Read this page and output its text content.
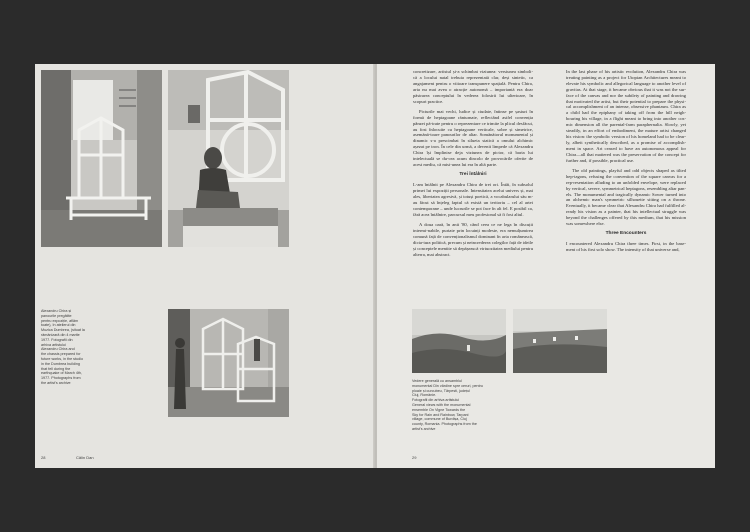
Alexandru Chira și
panourile pregătite
pentru expoziție, aflăm
toate), în atelierul din
Muzica Dumbrea, (situat la
râmânizară din 4 martie
1977. Fotografii din
arhiva artistului
Alexandru Chira and
the chassis prepared for
future works, in the studio
in the Dumbrea building
that fell during the
earthquake of March 4th,
1977. Photographs from
the artist's archive
28	Călin Dan

concretizare, artistul și-a schimbat viziunea: versiunea simboli-că a locului natal trebuia reprezentată clar, deși sintetic, ca angajament pentru o viitoare transpunere spațială. Pentru Chira, arta nu mai avea o atracție autonomă – importantă era doar păstrarea conceptului în vederea folosirii lui ulterioare, în scopuri practice.

Picturile mai vechi, ludice și ciudate, întinse pe șasiuri în formă de heptagoane rănturnate, reflectând astfel convenția pânzei pă-trate pentru o reprezentare ce trimite la plicul desfăcut, au fost înlocuite cu heptagoane verticale, sobre și simetrice, asemănă-toare panourilor de altar. Somănătorul monumental și dinamic s-a prescimbat în silueta statică a omului alchimic așezat pe tron. În cele din urmă, a devenit limpede că Alexandru Chira își împlinise deja viziunea de pictor, că baria lui intelectuală se du-cea acum dincolo de provocările oferite de acest mediu, că misi-unea lui era în altă parte.

Trei întâlniri

L-am întâlnit pe Alexandru Chira de trei ori. Întâi, în subsolul primei lui expoziții personale. Intensitatea acelui univers și, mai ales, libertatea agresivă, și totuși poetică, a vocabularului său m-au făcut să înțeleg faptul că există un teritoriu – cel al artei contemporane – unde lucrurile se pot face în alt fel. E posibil ca, fără acea întâlnire, parcursul meu profesional să fi fost altul.

A doua oară, în anii '80, când ceea ce ne lega în discuții intermi-nabile, purtate prin locuinți modeste, era nemulțumirea comună față de convenționalismul dominant în arta românească, dicta-tura politică, precum și neincrederea colegilor față de ideile și conceptele mentite să depășească virtuozitatea mediului pentru alterra, mai abstract.

In the last phase of his artistic evolution, Alexandru Chira was treating painting as a project for Utopian Architectures meant to elevate his symbolic and allegorical language to another level of gravitas. At that stage, it became obvious that it was not the sur-face of the canvas and nor the subtlety of painting and drawing that motivated the artist, but their potential to prepare the physi-cal accomplishment of an intense, obsessive phantasm. Chira as a child had the epiphany of taking off from the hill neigh-bouring his village, in a flight meant to bring into another cos-mic dimension all the parental-farm paraphernalia. Slowly, yet steadily, in an effort of embodiment, the mature artist changed his vision: the symbolic version of his homeland had to be clear-ly, albeit synthetically described, as a promise of accomplish-ment in space. Art ceased to have an autonomous appeal for Chira—all that mattered was the preservation of the concept for further and, if possible, practical use.

The old paintings, playful and odd objects shaped as tilted hep-tagons, refusing the convention of the square canvas for a rep-resentation alluding to an unfolded envelope, were replaced by vertical, severe, symmetrical heptagons, resembling altar pan-els. The monumental and tragically dynamic Sower turned into an alchemic man's symmetric silhouette sitting on a throne. Eventually, it became clear that Alexandru Chira had fulfilled al-ready his vision as a painter, that his intellectual struggle was beyond the challenges offered by this medium, that his mission was somewhere else.

Three Encounters

I encountered Alexandru Chira three times. First, in the base-ment of his first solo show. The intensity of that universe and,

Vedere generală cu ansamblul
monumental Din vărdine spre ceruri, pentru
ploaie și curcubeu, Tărpesti, județul
Cluj, Românie.
Fotografii din arhiva artistului
General views with the monumental
ensemble On Vigne Towards the
Sky for Rain and Rainbow, Tarpani
village, commune of Burdișa, Cluj
county, Romania. Photographs from the
artist's archive
29
